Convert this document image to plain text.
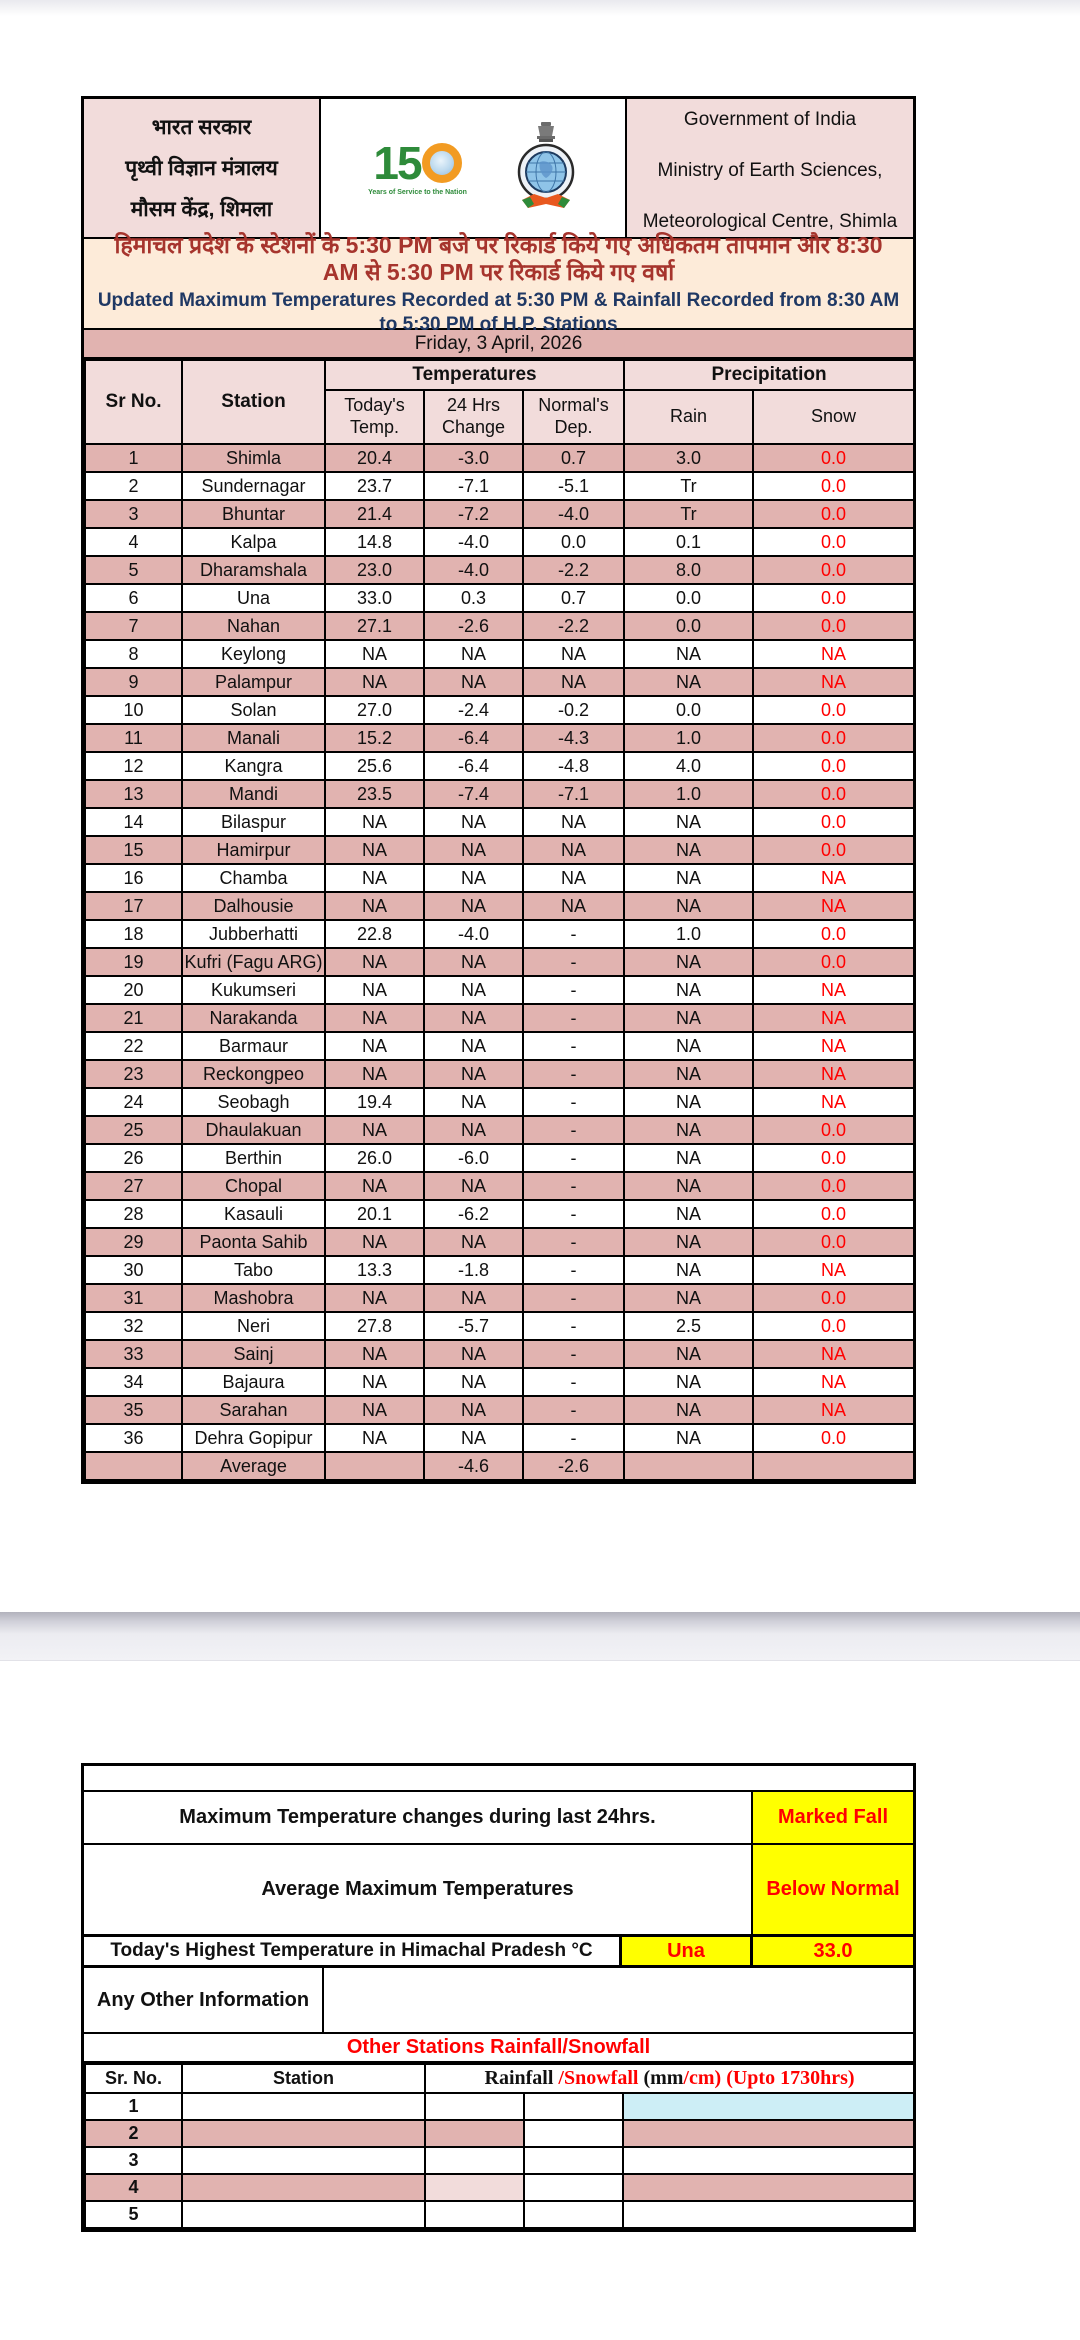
भारत सरकार
पृथ्वी विज्ञान मंत्रालय
मौसम केंद्र, शिमला
15
Years of Service to the Nation
Government of India
Ministry of Earth Sciences,
Meteorological Centre, Shimla
हिमाचल प्रदेश के स्टेशनों के 5:30 PM बजे पर रिकार्ड किये गए अधिकतम तापमान और 8:30 AM से 5:30 PM पर रिकार्ड किये गए वर्षा
Updated Maximum Temperatures Recorded at 5:30 PM & Rainfall Recorded from 8:30 AM to 5:30 PM of H.P. Stations
Friday, 3 April, 2026
Sr No.	Station	Temperatures			Precipitation	
		Today's Temp.	24 Hrs Change	Normal's Dep.	Rain	Snow
1	Shimla	20.4	-3.0	0.7	3.0	0.0
2	Sundernagar	23.7	-7.1	-5.1	Tr	0.0
3	Bhuntar	21.4	-7.2	-4.0	Tr	0.0
4	Kalpa	14.8	-4.0	0.0	0.1	0.0
5	Dharamshala	23.0	-4.0	-2.2	8.0	0.0
6	Una	33.0	0.3	0.7	0.0	0.0
7	Nahan	27.1	-2.6	-2.2	0.0	0.0
8	Keylong	NA	NA	NA	NA	NA
9	Palampur	NA	NA	NA	NA	NA
10	Solan	27.0	-2.4	-0.2	0.0	0.0
11	Manali	15.2	-6.4	-4.3	1.0	0.0
12	Kangra	25.6	-6.4	-4.8	4.0	0.0
13	Mandi	23.5	-7.4	-7.1	1.0	0.0
14	Bilaspur	NA	NA	NA	NA	0.0
15	Hamirpur	NA	NA	NA	NA	0.0
16	Chamba	NA	NA	NA	NA	NA
17	Dalhousie	NA	NA	NA	NA	NA
18	Jubberhatti	22.8	-4.0	-	1.0	0.0
19	Kufri (Fagu ARG)	NA	NA	-	NA	0.0
20	Kukumseri	NA	NA	-	NA	NA
21	Narakanda	NA	NA	-	NA	NA
22	Barmaur	NA	NA	-	NA	NA
23	Reckongpeo	NA	NA	-	NA	NA
24	Seobagh	19.4	NA	-	NA	NA
25	Dhaulakuan	NA	NA	-	NA	0.0
26	Berthin	26.0	-6.0	-	NA	0.0
27	Chopal	NA	NA	-	NA	0.0
28	Kasauli	20.1	-6.2	-	NA	0.0
29	Paonta Sahib	NA	NA	-	NA	0.0
30	Tabo	13.3	-1.8	-	NA	NA
31	Mashobra	NA	NA	-	NA	0.0
32	Neri	27.8	-5.7	-	2.5	0.0
33	Sainj	NA	NA	-	NA	NA
34	Bajaura	NA	NA	-	NA	NA
35	Sarahan	NA	NA	-	NA	NA
36	Dehra Gopipur	NA	NA	-	NA	0.0
	Average		-4.6	-2.6		
Maximum Temperature changes during last 24hrs.	Marked Fall
Average Maximum Temperatures	Below Normal
Today's Highest Temperature in Himachal Pradesh °C	Una	33.0
Any Other Information
Other Stations Rainfall/Snowfall
Sr. No.	Station	Rainfall /Snowfall (mm/cm) (Upto 1730hrs)		
1				
2				
3				
4				
5				
